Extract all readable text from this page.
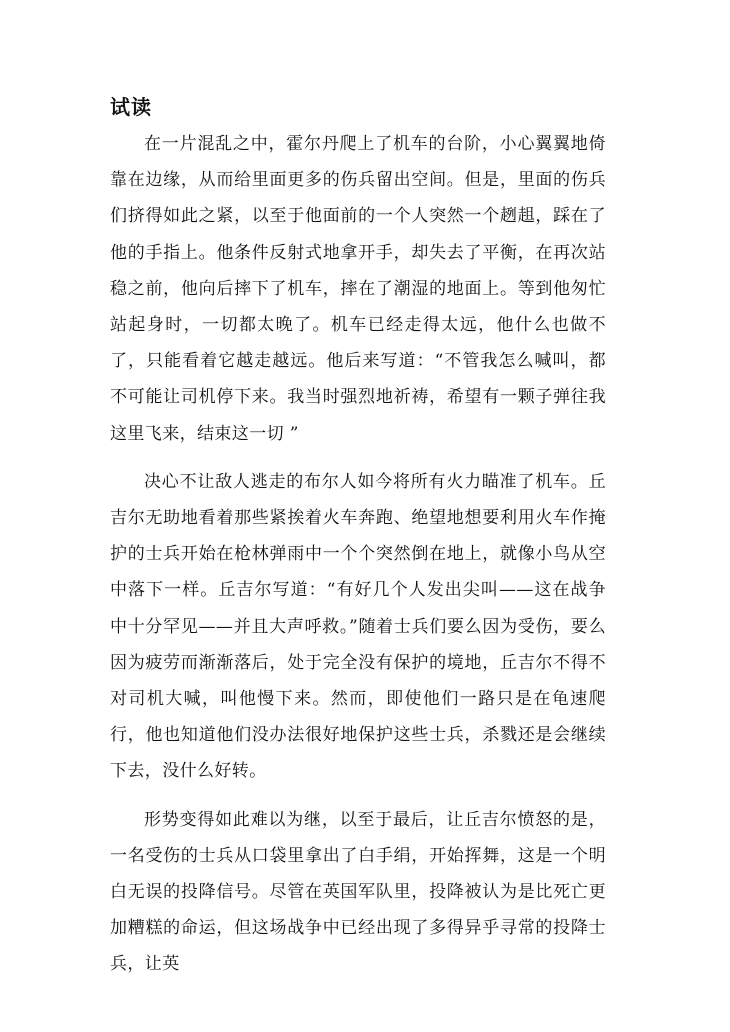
试读

在一片混乱之中，霍尔丹爬上了机车的台阶，小心翼翼地倚靠在边缘，从而给里面更多的伤兵留出空间。但是，里面的伤兵们挤得如此之紧，以至于他面前的一个人突然一个趔趄，踩在了他的手指上。他条件反射式地拿开手，却失去了平衡，在再次站稳之前，他向后摔下了机车，摔在了潮湿的地面上。等到他匆忙站起身时，一切都太晚了。机车已经走得太远，他什么也做不了，只能看着它越走越远。他后来写道：“不管我怎么喊叫，都不可能让司机停下来。我当时强烈地祈祷，希望有一颗子弹往我这里飞来，结束这一切 ”

决心不让敌人逃走的布尔人如今将所有火力瞄准了机车。丘吉尔无助地看着那些紧挨着火车奔跑、绝望地想要利用火车作掩护的士兵开始在枪林弹雨中一个个突然倒在地上，就像小鸟从空中落下一样。丘吉尔写道：“有好几个人发出尖叫——这在战争中十分罕见——并且大声呼救。”随着士兵们要么因为受伤，要么因为疲劳而渐渐落后，处于完全没有保护的境地，丘吉尔不得不对司机大喊，叫他慢下来。然而，即使他们一路只是在龟速爬行，他也知道他们没办法很好地保护这些士兵，杀戮还是会继续下去，没什么好转。

形势变得如此难以为继，以至于最后，让丘吉尔愤怒的是，一名受伤的士兵从口袋里拿出了白手绢，开始挥舞，这是一个明白无误的投降信号。尽管在英国军队里，投降被认为是比死亡更加糟糕的命运，但这场战争中已经出现了多得异乎寻常的投降士兵，让英
